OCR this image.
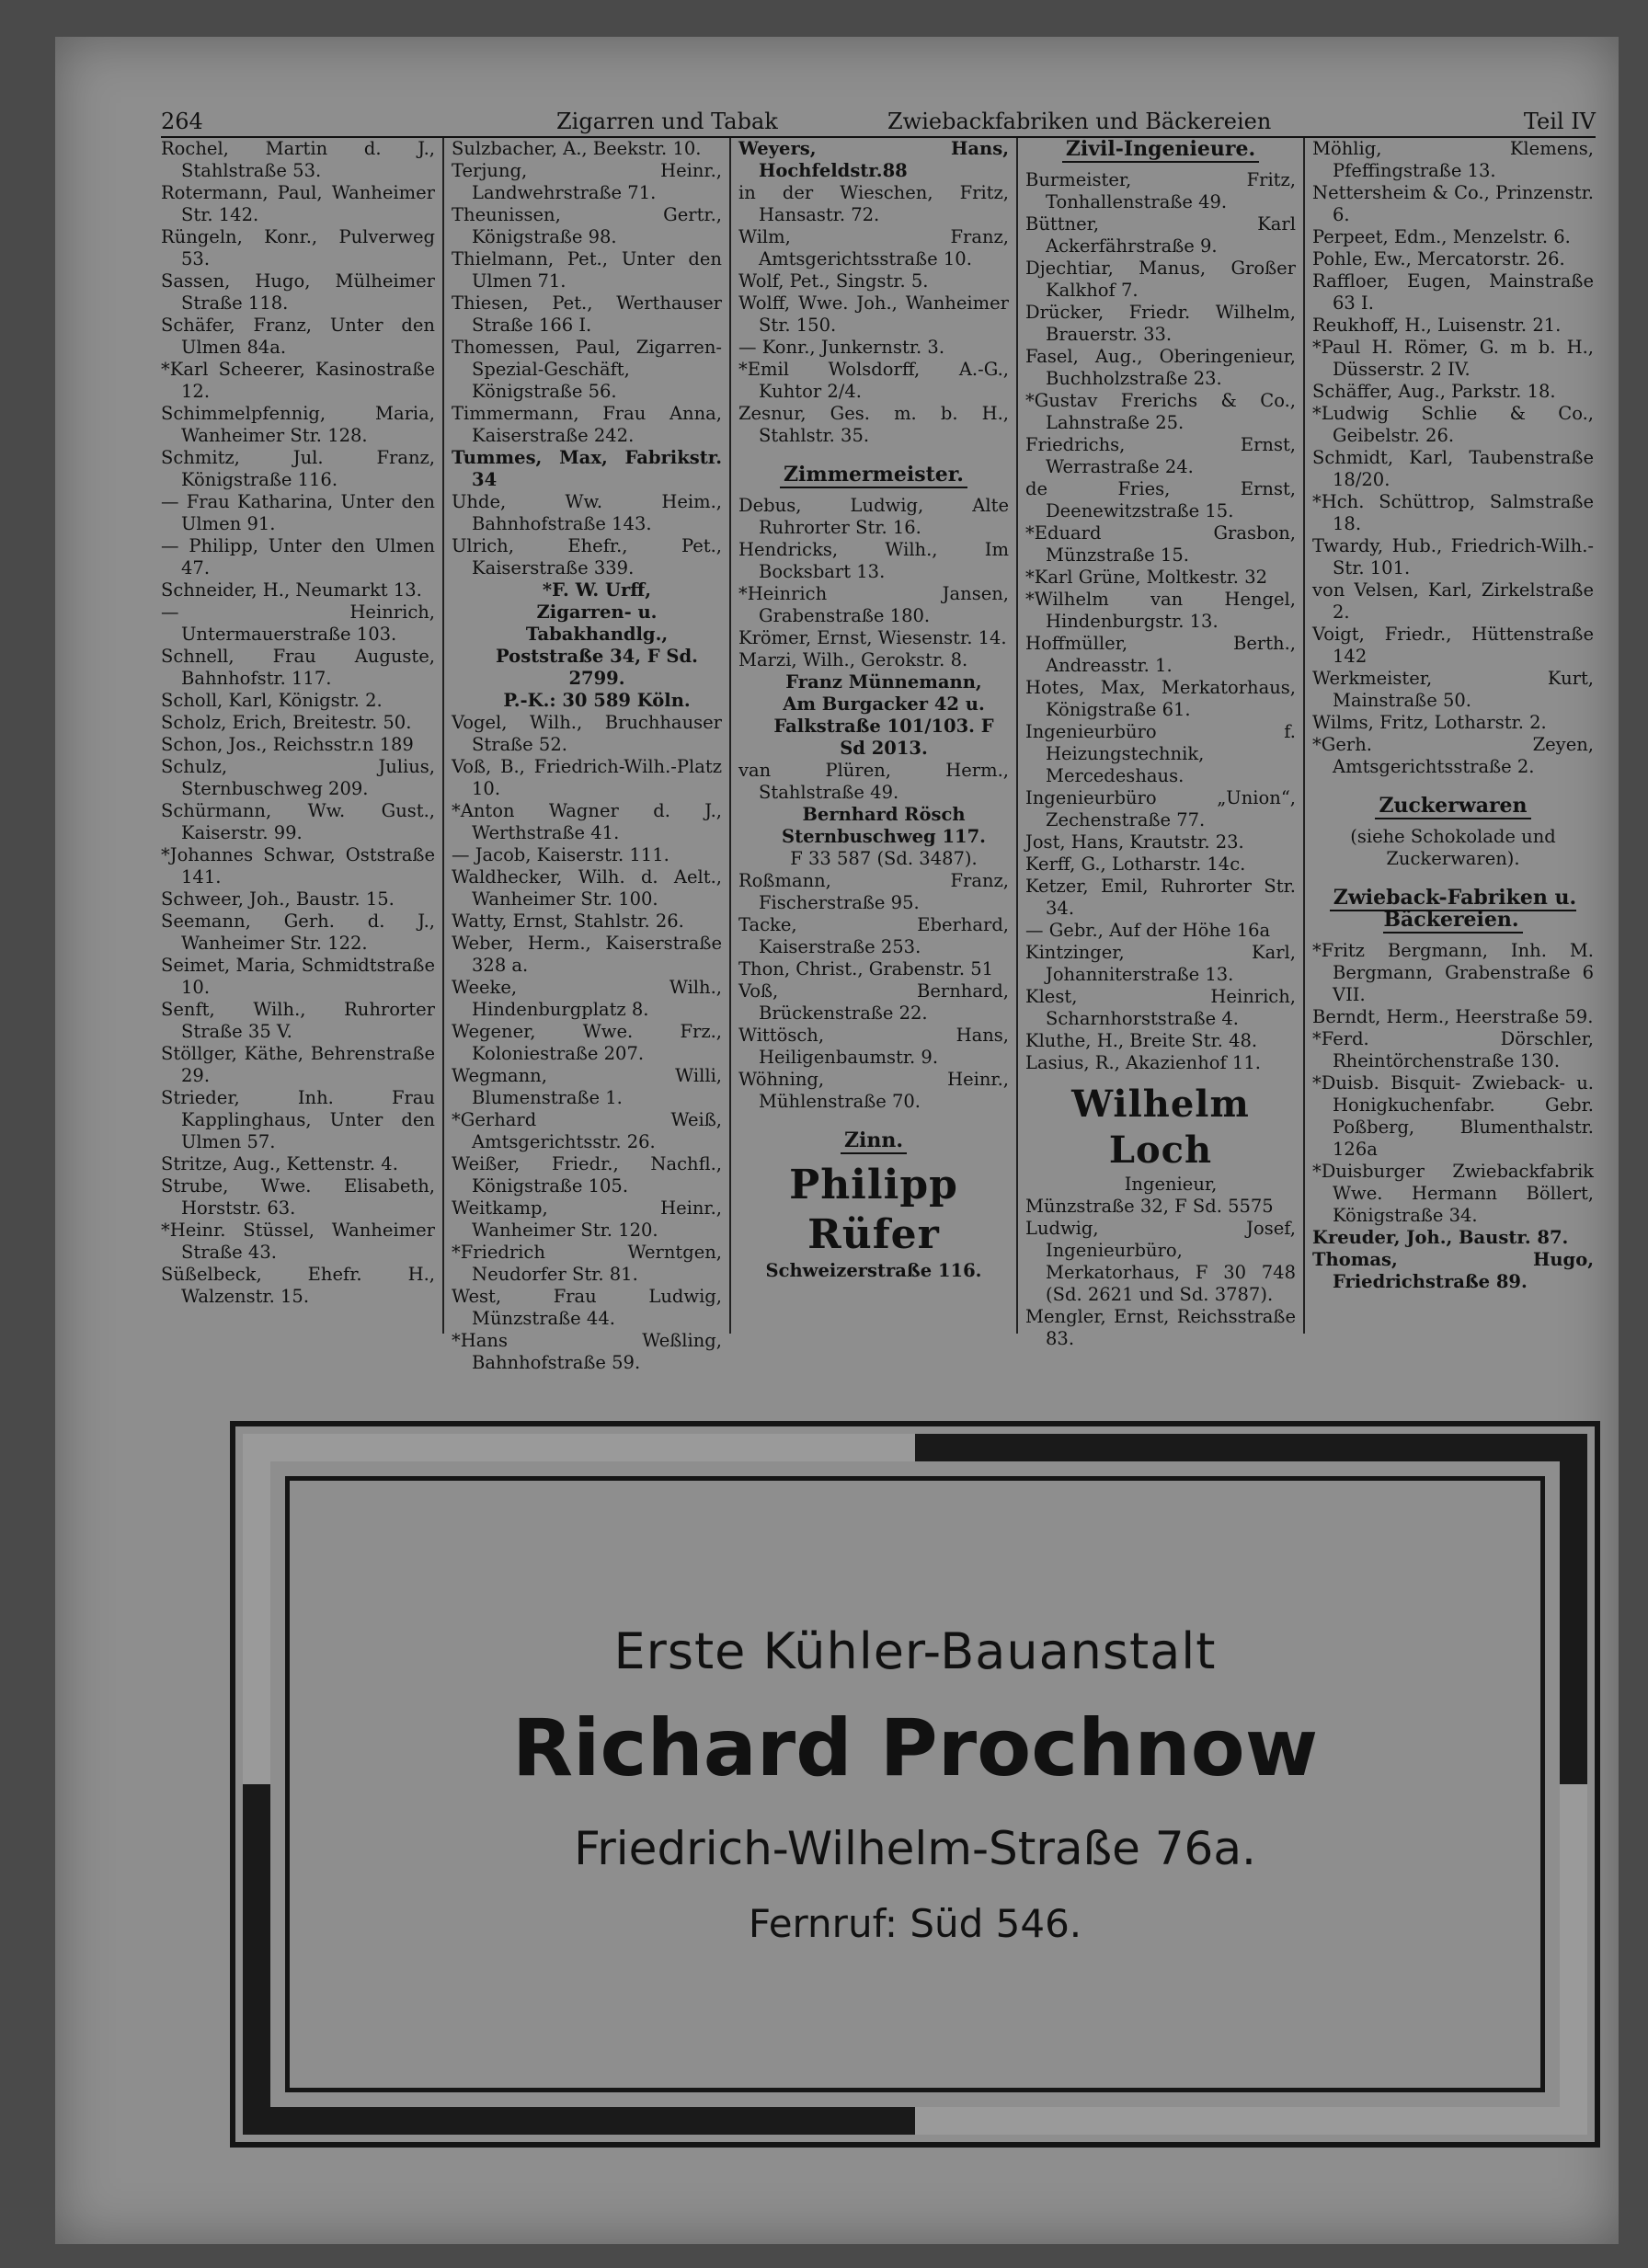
264	Zigarren und Tabak	Zwiebackfabriken und Bäckereien	Teil IV
Rochel, Martin d. J., Stahlstraße 53.
Rotermann, Paul, Wanheimer Str. 142.
Rüngeln, Konr., Pulverweg 53.
Sassen, Hugo, Mülheimer Straße 118.
Schäfer, Franz, Unter den Ulmen 84a.
*Karl Scheerer, Kasinostraße 12.
Schimmelpfennig, Maria, Wanheimer Str. 128.
Schmitz, Jul. Franz, Königstraße 116.
— Frau Katharina, Unter den Ulmen 91.
— Philipp, Unter den Ulmen 47.
Schneider, H., Neumarkt 13.
— Heinrich, Untermauerstraße 103.
Schnell, Frau Auguste, Bahnhofstr. 117.
Scholl, Karl, Königstr. 2.
Scholz, Erich, Breitestr. 50.
Schon, Jos., Reichsstr.n 189
Schulz, Julius, Sternbuschweg 209.
Schürmann, Ww. Gust., Kaiserstr. 99.
*Johannes Schwar, Oststraße 141.
Schweer, Joh., Baustr. 15.
Seemann, Gerh. d. J., Wanheimer Str. 122.
Seimet, Maria, Schmidtstraße 10.
Senft, Wilh., Ruhrorter Straße 35 V.
Stöllger, Käthe, Behrenstraße 29.
Strieder, Inh. Frau Kapplinghaus, Unter den Ulmen 57.
Stritze, Aug., Kettenstr. 4.
Strube, Wwe. Elisabeth, Horststr. 63.
*Heinr. Stüssel, Wanheimer Straße 43.
Süßelbeck, Ehefr. H., Walzenstr. 15.
Sulzbacher, A., Beekstr. 10.
Terjung, Heinr., Landwehrstraße 71.
Theunissen, Gertr., Königstraße 98.
Thielmann, Pet., Unter den Ulmen 71.
Thiesen, Pet., Werthauser Straße 166 I.
Thomessen, Paul, Zigarren-Spezial-Geschäft, Königstraße 56.
Timmermann, Frau Anna, Kaiserstraße 242.
Tummes, Max, Fabrikstr. 34
Uhde, Ww. Heim., Bahnhofstraße 143.
Ulrich, Ehefr., Pet., Kaiserstraße 339.
*F. W. Urff,
Zigarren- u. Tabakhandlg., Poststraße 34, F Sd. 2799.
P.-K.: 30 589 Köln.
Vogel, Wilh., Bruchhauser Straße 52.
Voß, B., Friedrich-Wilh.-Platz 10.
*Anton Wagner d. J., Werthstraße 41.
— Jacob, Kaiserstr. 111.
Waldhecker, Wilh. d. Aelt., Wanheimer Str. 100.
Watty, Ernst, Stahlstr. 26.
Weber, Herm., Kaiserstraße 328 a.
Weeke, Wilh., Hindenburgplatz 8.
Wegener, Wwe. Frz., Koloniestraße 207.
Wegmann, Willi, Blumenstraße 1.
*Gerhard Weiß, Amtsgerichtsstr. 26.
Weißer, Friedr., Nachfl., Königstraße 105.
Weitkamp, Heinr., Wanheimer Str. 120.
*Friedrich Werntgen, Neudorfer Str. 81.
West, Frau Ludwig, Münzstraße 44.
*Hans Weßling, Bahnhofstraße 59.
Weyers, Hans, Hochfeldstr.88
in der Wieschen, Fritz, Hansastr. 72.
Wilm, Franz, Amtsgerichtsstraße 10.
Wolf, Pet., Singstr. 5.
Wolff, Wwe. Joh., Wanheimer Str. 150.
— Konr., Junkernstr. 3.
*Emil Wolsdorff, A.-G., Kuhtor 2/4.
Zesnur, Ges. m. b. H., Stahlstr. 35.
Zimmermeister.
Debus, Ludwig, Alte Ruhrorter Str. 16.
Hendricks, Wilh., Im Bocksbart 13.
*Heinrich Jansen, Grabenstraße 180.
Krömer, Ernst, Wiesenstr. 14.
Marzi, Wilh., Gerokstr. 8.
Franz Münnemann,
Am Burgacker 42 u. Falkstraße 101/103. F Sd 2013.
van Plüren, Herm., Stahlstraße 49.
Bernhard Rösch
Sternbuschweg 117.
F 33 587 (Sd. 3487).
Roßmann, Franz, Fischerstraße 95.
Tacke, Eberhard, Kaiserstraße 253.
Thon, Christ., Grabenstr. 51
Voß, Bernhard, Brückenstraße 22.
Wittösch, Hans, Heiligenbaumstr. 9.
Wöhning, Heinr., Mühlenstraße 70.
Zinn.
Philipp Rüfer
Schweizerstraße 116.
Zivil-Ingenieure.
Burmeister, Fritz, Tonhallenstraße 49.
Büttner, Karl Ackerfährstraße 9.
Djechtiar, Manus, Großer Kalkhof 7.
Drücker, Friedr. Wilhelm, Brauerstr. 33.
Fasel, Aug., Oberingenieur, Buchholzstraße 23.
*Gustav Frerichs & Co., Lahnstraße 25.
Friedrichs, Ernst, Werrastraße 24.
de Fries, Ernst, Deenewitzstraße 15.
*Eduard Grasbon, Münzstraße 15.
*Karl Grüne, Moltkestr. 32
*Wilhelm van Hengel, Hindenburgstr. 13.
Hoffmüller, Berth., Andreasstr. 1.
Hotes, Max, Merkatorhaus, Königstraße 61.
Ingenieurbüro f. Heizungstechnik, Mercedeshaus.
Ingenieurbüro „Union“, Zechenstraße 77.
Jost, Hans, Krautstr. 23.
Kerff, G., Lotharstr. 14c.
Ketzer, Emil, Ruhrorter Str. 34.
— Gebr., Auf der Höhe 16a
Kintzinger, Karl, Johanniterstraße 13.
Klest, Heinrich, Scharnhorststraße 4.
Kluthe, H., Breite Str. 48.
Lasius, R., Akazienhof 11.
Wilhelm Loch
Ingenieur,
Münzstraße 32, F Sd. 5575
Ludwig, Josef, Ingenieurbüro, Merkatorhaus, F 30 748 (Sd. 2621 und Sd. 3787).
Mengler, Ernst, Reichsstraße 83.
Möhlig, Klemens, Pfeffingstraße 13.
Nettersheim & Co., Prinzenstr. 6.
Perpeet, Edm., Menzelstr. 6.
Pohle, Ew., Mercatorstr. 26.
Raffloer, Eugen, Mainstraße 63 I.
Reukhoff, H., Luisenstr. 21.
*Paul H. Römer, G. m b. H., Düsserstr. 2 IV.
Schäffer, Aug., Parkstr. 18.
*Ludwig Schlie & Co., Geibelstr. 26.
Schmidt, Karl, Taubenstraße 18/20.
*Hch. Schüttrop, Salmstraße 18.
Twardy, Hub., Friedrich-Wilh.-Str. 101.
von Velsen, Karl, Zirkelstraße 2.
Voigt, Friedr., Hüttenstraße 142
Werkmeister, Kurt, Mainstraße 50.
Wilms, Fritz, Lotharstr. 2.
*Gerh. Zeyen, Amtsgerichtsstraße 2.
Zuckerwaren
(siehe Schokolade und Zuckerwaren).
Zwieback-Fabriken u. Bäckereien.
*Fritz Bergmann, Inh. M. Bergmann, Grabenstraße 6 VII.
Berndt, Herm., Heerstraße 59.
*Ferd. Dörschler, Rheintörchenstraße 130.
*Duisb. Bisquit- Zwieback- u. Honigkuchenfabr. Gebr. Poßberg, Blumenthalstr. 126a
*Duisburger Zwiebackfabrik Wwe. Hermann Böllert, Königstraße 34.
Kreuder, Joh., Baustr. 87.
Thomas, Hugo, Friedrichstraße 89.
Erste Kühler-Bauanstalt
Richard Prochnow
Friedrich-Wilhelm-Straße 76a.
Fernruf: Süd 546.
